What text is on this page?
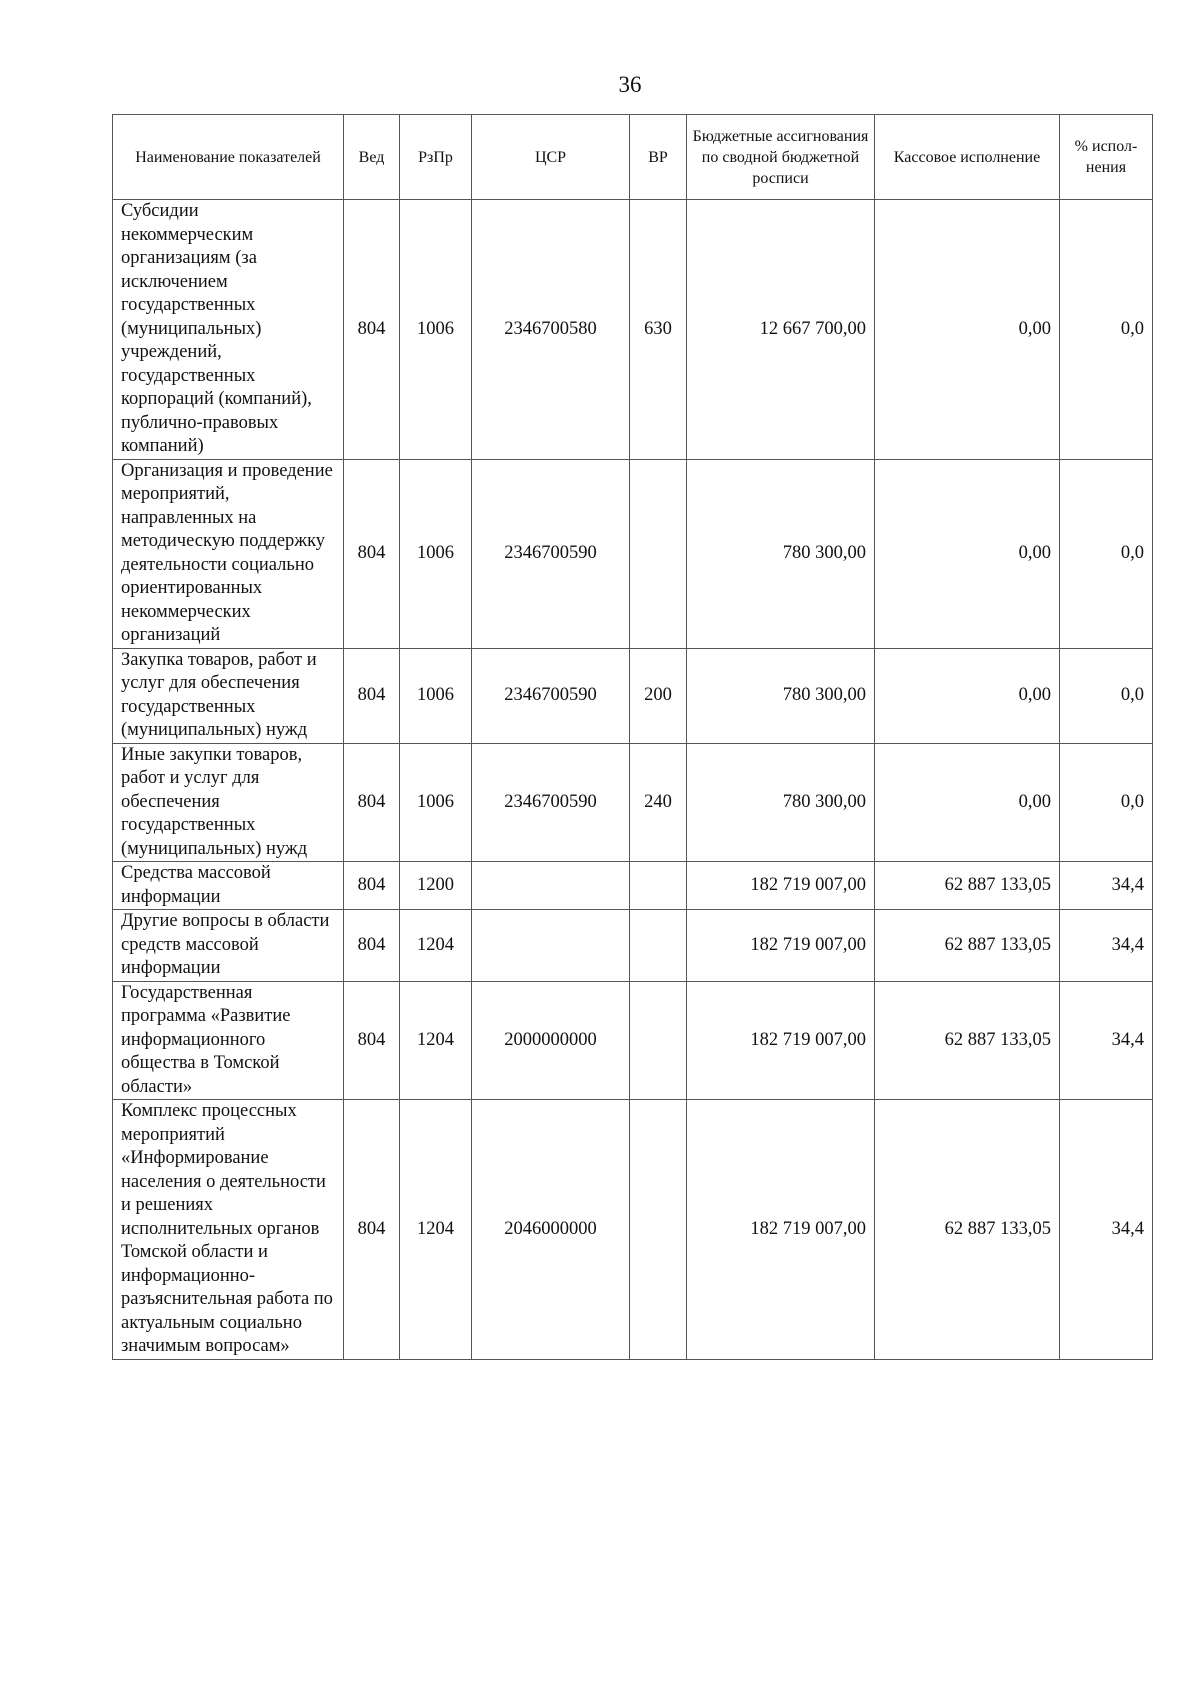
36
Наименование показателей	Вед	РзПр	ЦСР	ВР	Бюджетные ассигнования по сводной бюджетной росписи	Кассовое исполнение	% испол-нения
Субсидии некоммерческим организациям (за исключением государственных (муниципальных) учреждений, государственных корпораций (компаний), публично-правовых компаний)	804	1006	2346700580	630	12 667 700,00	0,00	0,0
Организация и проведение мероприятий, направленных на методическую поддержку деятельности социально ориентированных некоммерческих организаций	804	1006	2346700590		780 300,00	0,00	0,0
Закупка товаров, работ и услуг для обеспечения государственных (муниципальных) нужд	804	1006	2346700590	200	780 300,00	0,00	0,0
Иные закупки товаров, работ и услуг для обеспечения государственных (муниципальных) нужд	804	1006	2346700590	240	780 300,00	0,00	0,0
Средства массовой информации	804	1200			182 719 007,00	62 887 133,05	34,4
Другие вопросы в области средств массовой информации	804	1204			182 719 007,00	62 887 133,05	34,4
Государственная программа «Развитие информационного общества в Томской области»	804	1204	2000000000		182 719 007,00	62 887 133,05	34,4
Комплекс процессных мероприятий «Информирование населения о деятельности и решениях исполнительных органов Томской области и информационно-разъяснительная работа по актуальным социально значимым вопросам»	804	1204	2046000000		182 719 007,00	62 887 133,05	34,4
